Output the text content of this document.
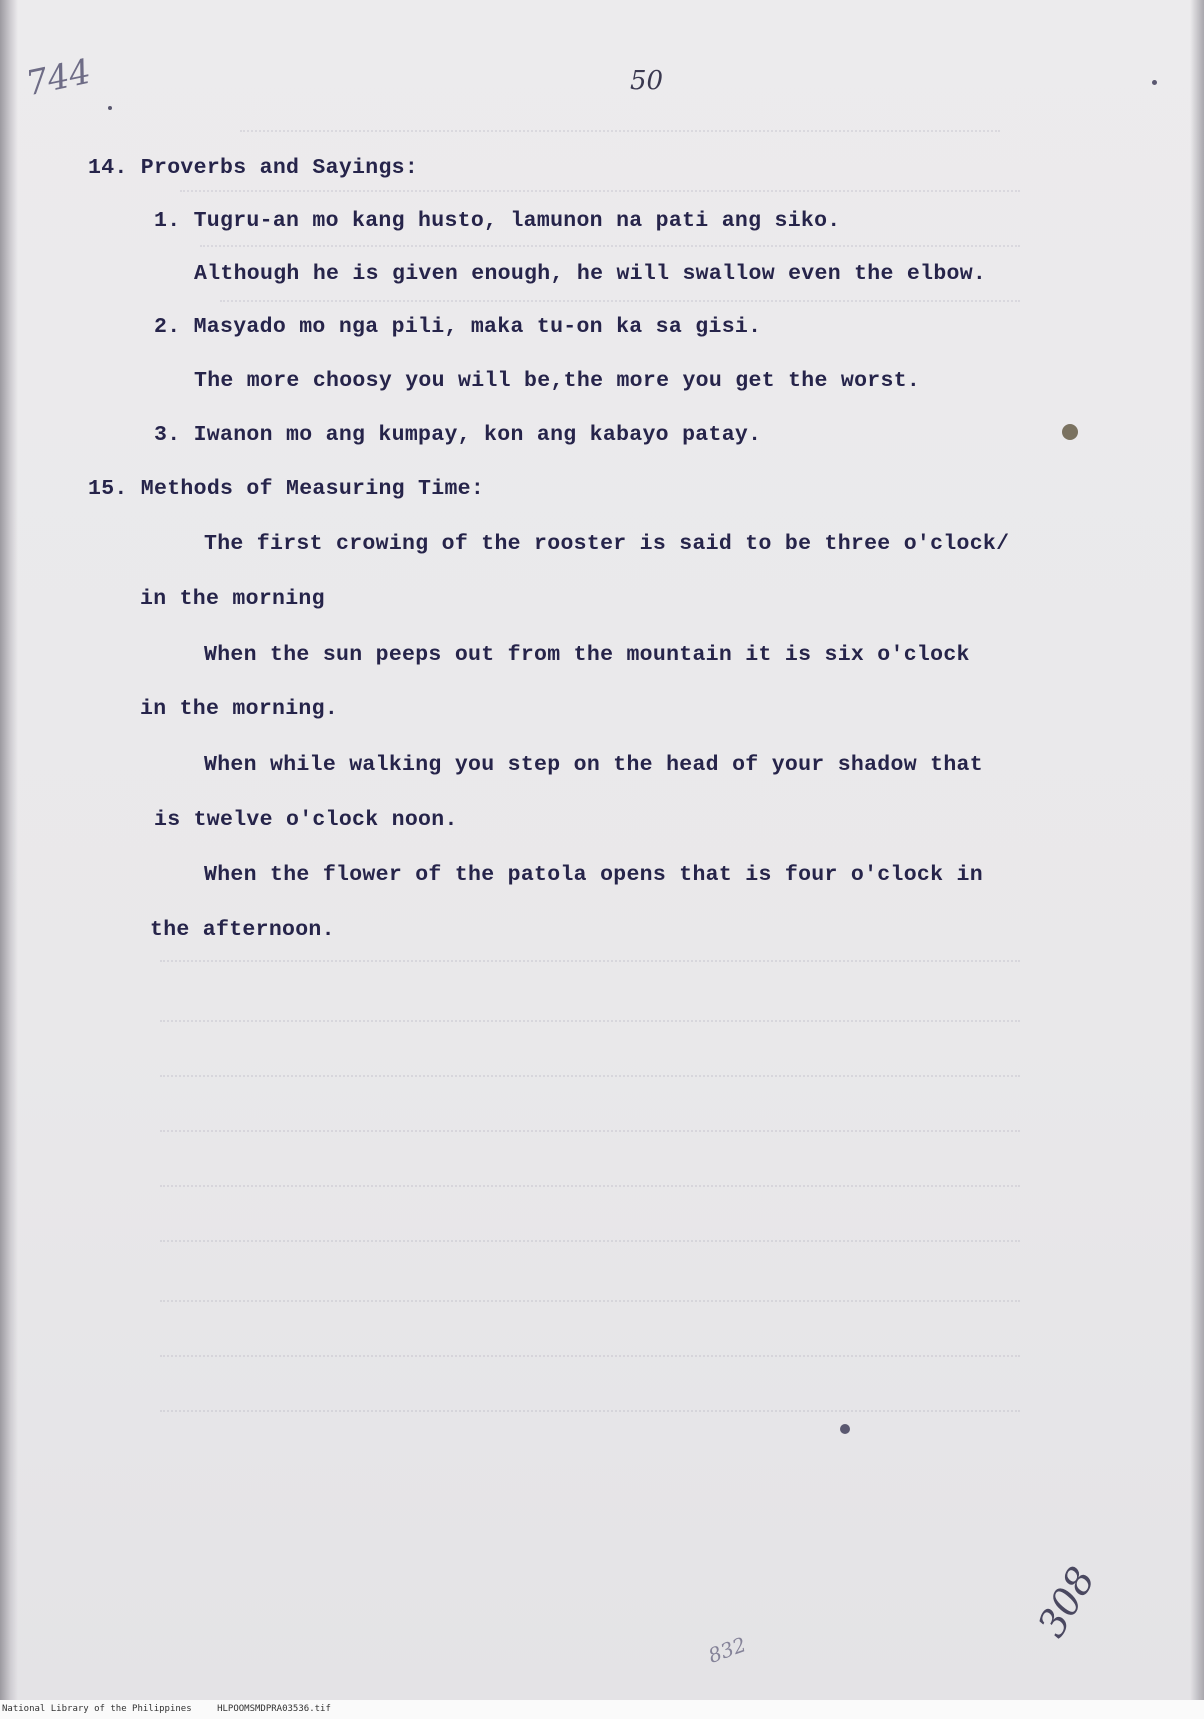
744	50
14. Proverbs and Sayings:
1. Tugru-an mo kang husto, lamunon na pati ang siko.
Although he is given enough, he will swallow even the elbow.
2. Masyado mo nga pili, maka tu-on ka sa gisi.
The more choosy you will be,the more you get the worst.
3. Iwanon mo ang kumpay, kon ang kabayo patay.
15. Methods of Measuring Time:
The first crowing of the rooster is said to be three o'clock/
in the morning
When the sun peeps out from the mountain it is six o'clock
in the morning.
When while walking you step on the head of your shadow that
is twelve o'clock noon.
When the flower of the patola opens that is four o'clock in
the afternoon.
832
308
National Library of the Philippines	HLPOOMSMDPRA03536.tif
